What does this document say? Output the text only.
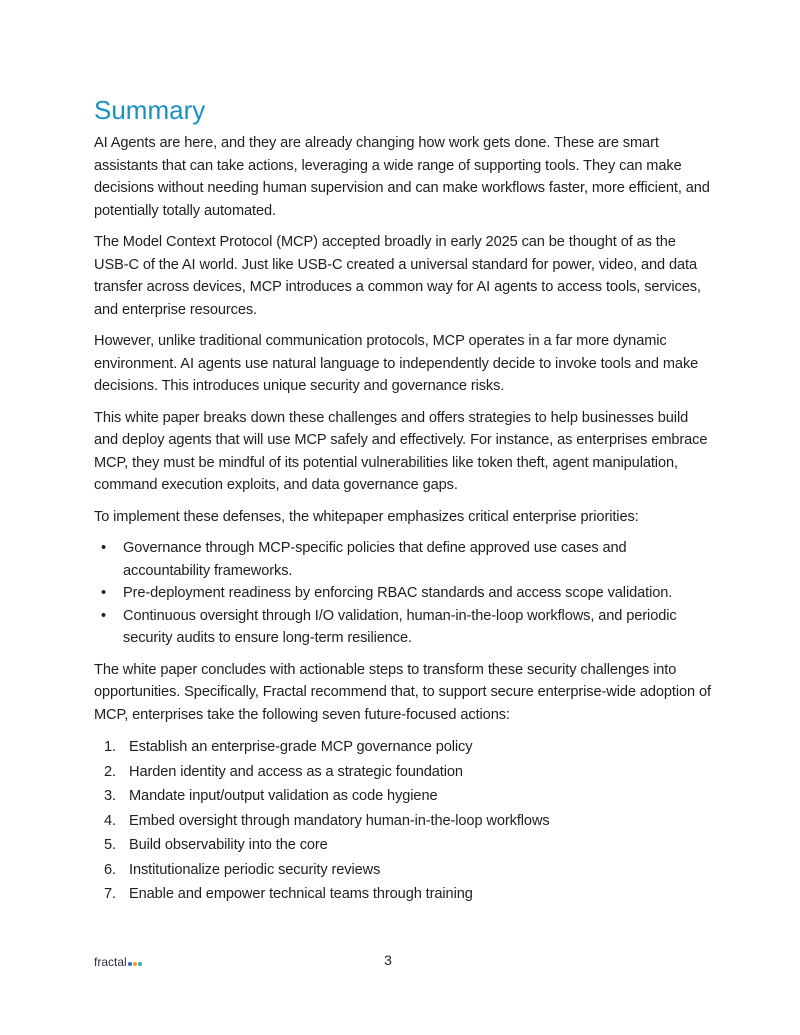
Summary

AI Agents are here, and they are already changing how work gets done. These are smart assistants that can take actions, leveraging a wide range of supporting tools. They can make decisions without needing human supervision and can make workflows faster, more efficient, and potentially totally automated.

The Model Context Protocol (MCP) accepted broadly in early 2025 can be thought of as the USB-C of the AI world. Just like USB-C created a universal standard for power, video, and data transfer across devices, MCP introduces a common way for AI agents to access tools, services, and enterprise resources.

However, unlike traditional communication protocols, MCP operates in a far more dynamic environment. AI agents use natural language to independently decide to invoke tools and make decisions. This introduces unique security and governance risks.

This white paper breaks down these challenges and offers strategies to help businesses build and deploy agents that will use MCP safely and effectively. For instance, as enterprises embrace MCP, they must be mindful of its potential vulnerabilities like token theft, agent manipulation, command execution exploits, and data governance gaps.

To implement these defenses, the whitepaper emphasizes critical enterprise priorities:

• Governance through MCP-specific policies that define approved use cases and accountability frameworks.
• Pre-deployment readiness by enforcing RBAC standards and access scope validation.
• Continuous oversight through I/O validation, human-in-the-loop workflows, and periodic security audits to ensure long-term resilience.

The white paper concludes with actionable steps to transform these security challenges into opportunities. Specifically, Fractal recommend that, to support secure enterprise-wide adoption of MCP, enterprises take the following seven future-focused actions:

1. Establish an enterprise-grade MCP governance policy
2. Harden identity and access as a strategic foundation
3. Mandate input/output validation as code hygiene
4. Embed oversight through mandatory human-in-the-loop workflows
5. Build observability into the core
6. Institutionalize periodic security reviews
7. Enable and empower technical teams through training
fractal	3
